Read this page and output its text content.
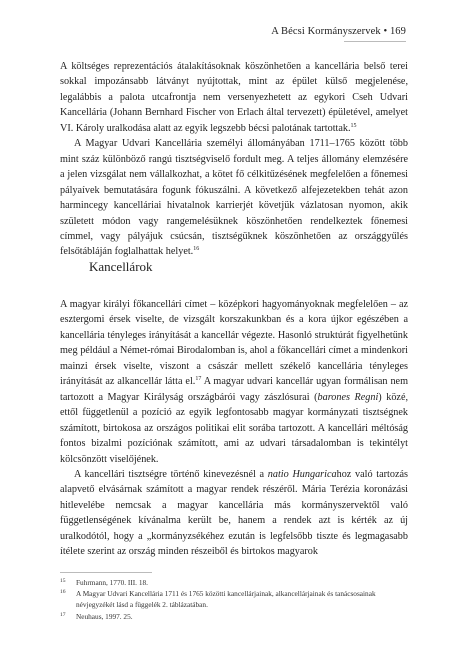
A Bécsi Kormányszervek • 169

A költséges reprezentációs átalakításoknak köszönhetően a kancellária belső terei sokkal impozánsabb látványt nyújtottak, mint az épület külső megjelenése, legalábbis a palota utcafrontja nem versenyezhetett az egykori Cseh Udvari Kancellária (Johann Bernhard Fischer von Erlach által tervezett) épületével, amelyet VI. Károly uralkodása alatt az egyik legszebb bécsi palotának tartottak.$^{15}$

A Magyar Udvari Kancellária személyi állományában 1711–1765 között több mint száz különböző rangú tisztségviselő fordult meg. A teljes állomány elemzésére a jelen vizsgálat nem vállalkozhat, a kötet fő célkitűzésének megfelelően a főnemesi pályaívek bemutatására fogunk fókuszálni. A következő alfejezetekben tehát azon harmincegy kancelláriai hivatalnok karrierjét követjük vázlatosan nyomon, akik született módon vagy rangemelésüknek köszönhetően rendelkeztek főnemesi címmel, vagy pályájuk csúcsán, tisztségüknek köszönhetően az országgyűlés felsőtábláján foglalhattak helyet.$^{16}$

Kancellárok

A magyar királyi főkancellári címet – középkori hagyományoknak megfelelően – az esztergomi érsek viselte, de vizsgált korszakunkban és a kora újkor egészében a kancellária tényleges irányítását a kancellár végezte. Hasonló struktúrát figyelhetünk meg például a Német-római Birodalomban is, ahol a főkancellári címet a mindenkori mainzi érsek viselte, viszont a császár mellett székelő kancellária tényleges irányítását az alkancellár látta el.$^{17}$ A magyar udvari kancellár ugyan formálisan nem tartozott a Magyar Királyság országbárói vagy zászlósurai (barones Regni) közé, ettől függetlenül a pozíció az egyik legfontosabb magyar kormányzati tisztségnek számított, birtokosa az országos politikai elit sorába tartozott. A kancellári méltóság fontos bizalmi pozíciónak számított, ami az udvari társadalomban is tekintélyt kölcsönzött viselőjének.

A kancellári tisztségre történő kinevezésnél a natio Hungaricahoz való tartozás alapvető elvásárnak számított a magyar rendek részéről. Mária Terézia koronázási hitlevelébe nemcsak a magyar kancellária más kormányszervektől való függetlenségének kívánalma került be, hanem a rendek azt is kérték az új uralkodótól, hogy a „kormányzsékéhez ezután is legfelsőbb tiszte és legmagasabb ítélete szerint az ország minden részeiből és birtokos magyarok

15 Fuhrmann, 1770. III. 18.
16 A Magyar Udvari Kancellária 1711 és 1765 közötti kancellárjainak, alkancellárjainak és tanácsosainak névjegyzékét lásd a függelék 2. táblázatában.
17 Neuhaus, 1997. 25.
